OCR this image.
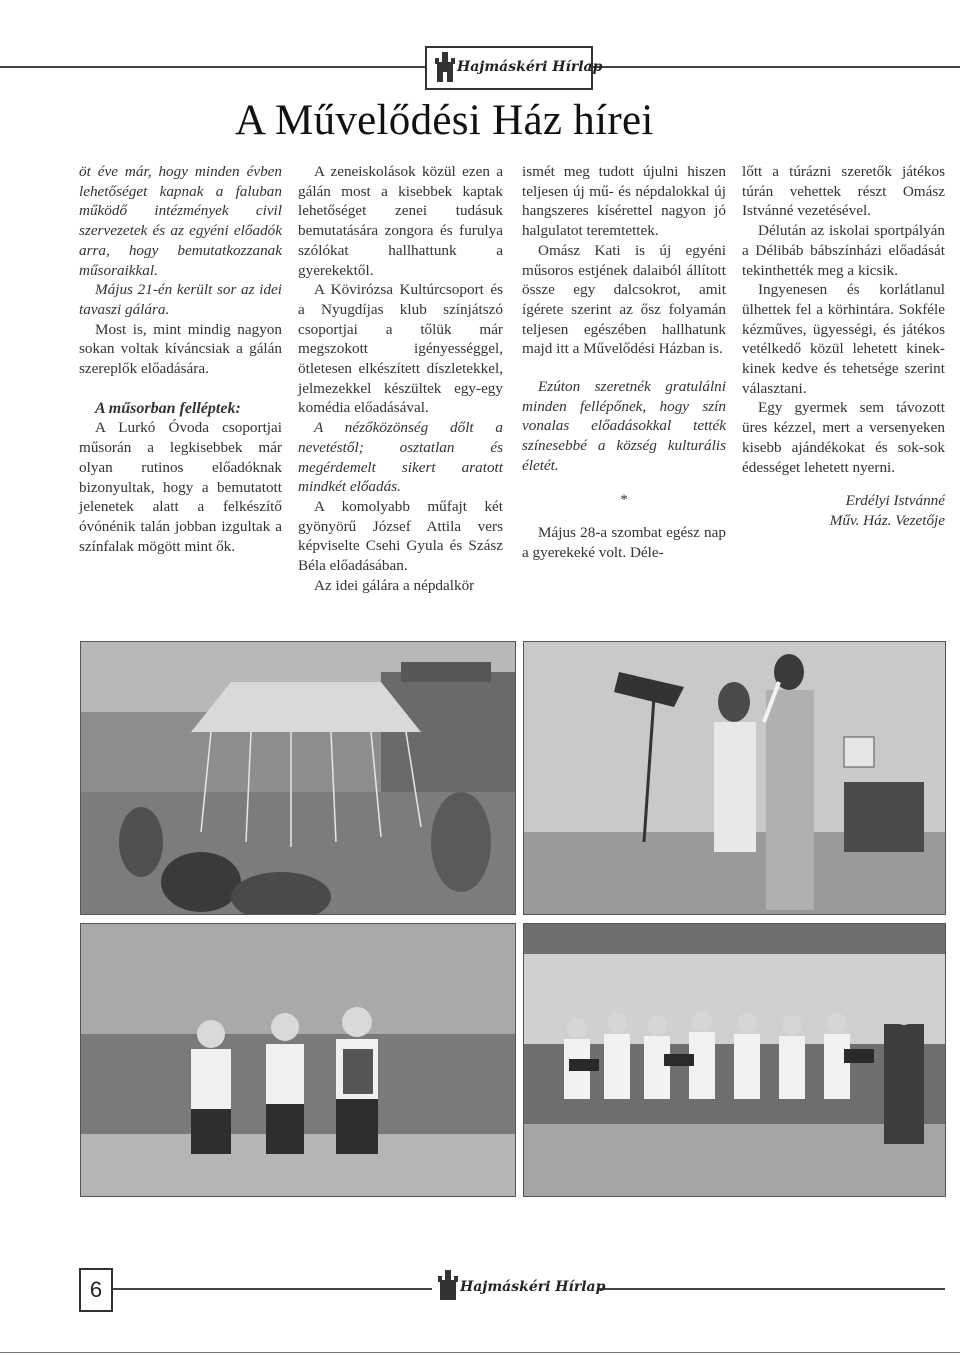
Hajmáskéri Hírlap
A Művelődési Ház hírei

öt éve már, hogy minden évben lehetőséget kapnak a faluban működő intézmények civil szervezetek és az egyéni előadók arra, hogy bemutatkozzanak műsoraikkal.

Május 21-én került sor az idei tavaszi gálára.

Most is, mint mindig nagyon sokan voltak kíváncsiak a gálán szereplők előadására.

A műsorban felléptek:

A Lurkó Óvoda csoportjai műsorán a legkisebbek már olyan rutinos előadóknak bizonyultak, hogy a bemutatott jelenetek alatt a felkészítő óvónénik talán jobban izgultak a színfalak mögött mint ők.

A zeneiskolások közül ezen a gálán most a kisebbek kaptak lehetőséget zenei tudásuk bemutatására zongora és furulya szólókat hallhattunk a gyerekektől.

A Kövirózsa Kultúrcsoport és a Nyugdíjas klub színjátszó csoportjai a tőlük már megszokott igényességgel, ötletesen elkészített díszletekkel, jelmezekkel készültek egy-egy komédia előadásával.

A nézőközönség dőlt a nevetéstől; osztatlan és megérdemelt sikert aratott mindkét előadás.

A komolyabb műfajt két gyönyörű József Attila vers képviselte Csehi Gyula és Szász Béla előadásában.

Az idei gálára a népdalkör

ismét meg tudott újulni hiszen teljesen új mű- és népdalokkal új hangszeres kísérettel nagyon jó halgulatot teremtettek.

Omász Kati is új egyéni műsoros estjének dalaiból állított össze egy dalcsokrot, amit ígérete szerint az ősz folyamán teljesen egészében hallhatunk majd itt a Művelődési Házban is.

Ezúton szeretnék gratulálni minden fellépőnek, hogy szín vonalas előadásokkal tették színesebbé a község kulturális életét.

*

Május 28-a szombat egész nap a gyerekeké volt. Déle-

lőtt a túrázni szeretők játékos túrán vehettek részt Omász Istvánné vezetésével.

Délután az iskolai sportpályán a Délibáb bábszínházi előadását tekinthették meg a kicsik.

Ingyenesen és korlátlanul ülhettek fel a körhintára. Sokféle kézműves, ügyességi, és játékos vetélkedő közül lehetett kinek-kinek kedve és tehetsége szerint választani.

Egy gyermek sem távozott üres kézzel, mert a versenyeken kisebb ajándékokat és sok-sok édességet lehetett nyerni.

Erdélyi Istvánné

Műv. Ház. Vezetője

6	Hajmáskéri Hírlap
